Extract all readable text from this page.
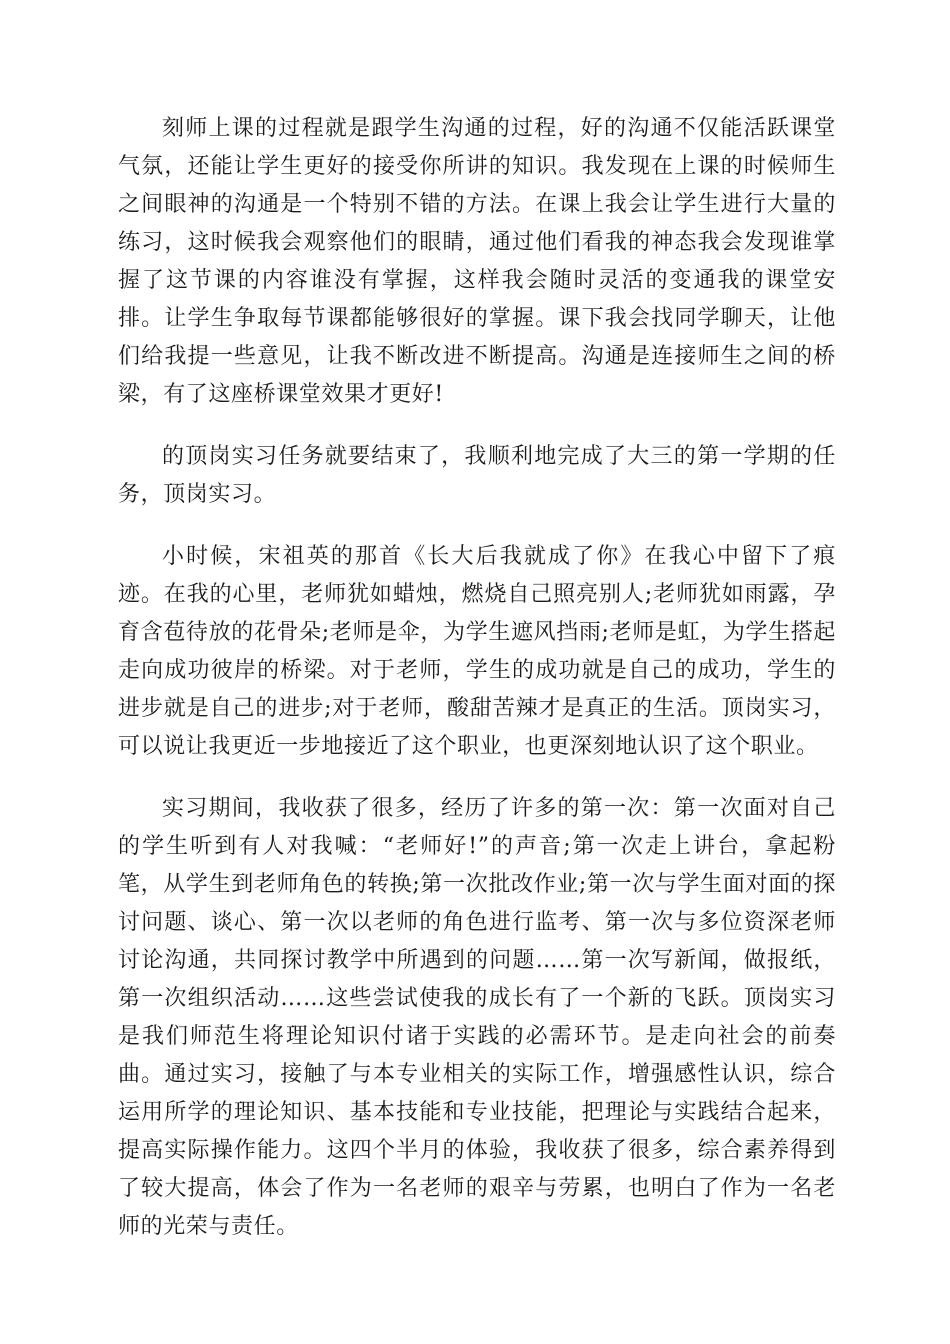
刻师上课的过程就是跟学生沟通的过程，好的沟通不仅能活跃课堂气氛，还能让学生更好的接受你所讲的知识。我发现在上课的时候师生之间眼神的沟通是一个特别不错的方法。在课上我会让学生进行大量的练习，这时候我会观察他们的眼睛，通过他们看我的神态我会发现谁掌握了这节课的内容谁没有掌握，这样我会随时灵活的变通我的课堂安排。让学生争取每节课都能够很好的掌握。课下我会找同学聊天，让他们给我提一些意见，让我不断改进不断提高。沟通是连接师生之间的桥梁，有了这座桥课堂效果才更好!

的顶岗实习任务就要结束了，我顺利地完成了大三的第一学期的任务，顶岗实习。

小时候，宋祖英的那首《长大后我就成了你》在我心中留下了痕迹。在我的心里，老师犹如蜡烛，燃烧自己照亮别人;老师犹如雨露，孕育含苞待放的花骨朵;老师是伞，为学生遮风挡雨;老师是虹，为学生搭起走向成功彼岸的桥梁。对于老师，学生的成功就是自己的成功，学生的进步就是自己的进步;对于老师，酸甜苦辣才是真正的生活。顶岗实习，可以说让我更近一步地接近了这个职业，也更深刻地认识了这个职业。

实习期间，我收获了很多，经历了许多的第一次：第一次面对自己的学生听到有人对我喊：“老师好!”的声音;第一次走上讲台，拿起粉笔，从学生到老师角色的转换;第一次批改作业;第一次与学生面对面的探讨问题、谈心、第一次以老师的角色进行监考、第一次与多位资深老师讨论沟通，共同探讨教学中所遇到的问题……第一次写新闻，做报纸，第一次组织活动……这些尝试使我的成长有了一个新的飞跃。顶岗实习是我们师范生将理论知识付诸于实践的必需环节。是走向社会的前奏曲。通过实习，接触了与本专业相关的实际工作，增强感性认识，综合运用所学的理论知识、基本技能和专业技能，把理论与实践结合起来，提高实际操作能力。这四个半月的体验，我收获了很多，综合素养得到了较大提高，体会了作为一名老师的艰辛与劳累，也明白了作为一名老师的光荣与责任。
